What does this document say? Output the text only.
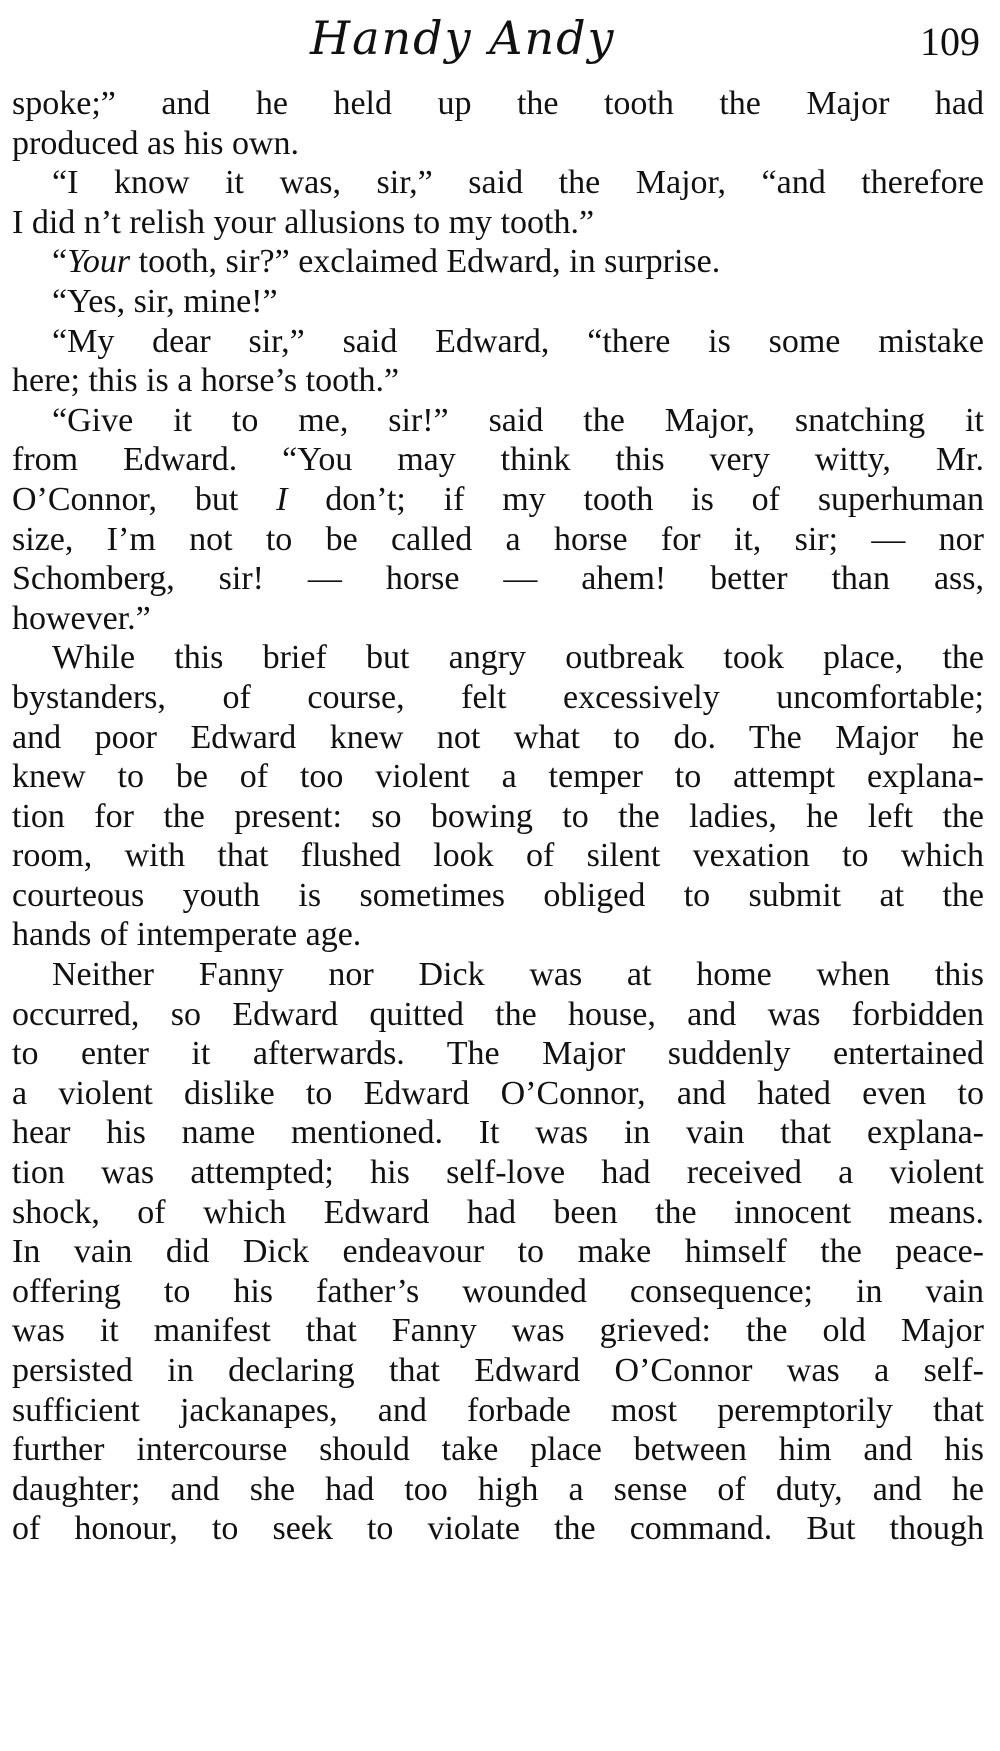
Handy Andy	109
spoke;” and he held up the tooth the Major had
produced as his own.
“I know it was, sir,” said the Major, “and therefore
I did n’t relish your allusions to my tooth.”
“Your tooth, sir?” exclaimed Edward, in surprise.
“Yes, sir, mine!”
“My dear sir,” said Edward, “there is some mistake
here; this is a horse’s tooth.”
“Give it to me, sir!” said the Major, snatching it
from Edward. “You may think this very witty, Mr.
O’Connor, but I don’t; if my tooth is of superhuman
size, I’m not to be called a horse for it, sir; — nor
Schomberg, sir! — horse — ahem! better than ass,
however.”
While this brief but angry outbreak took place, the
bystanders, of course, felt excessively uncomfortable;
and poor Edward knew not what to do. The Major he
knew to be of too violent a temper to attempt explana-
tion for the present: so bowing to the ladies, he left the
room, with that flushed look of silent vexation to which
courteous youth is sometimes obliged to submit at the
hands of intemperate age.
Neither Fanny nor Dick was at home when this
occurred, so Edward quitted the house, and was forbidden
to enter it afterwards. The Major suddenly entertained
a violent dislike to Edward O’Connor, and hated even to
hear his name mentioned. It was in vain that explana-
tion was attempted; his self-love had received a violent
shock, of which Edward had been the innocent means.
In vain did Dick endeavour to make himself the peace-
offering to his father’s wounded consequence; in vain
was it manifest that Fanny was grieved: the old Major
persisted in declaring that Edward O’Connor was a self-
sufficient jackanapes, and forbade most peremptorily that
further intercourse should take place between him and his
daughter; and she had too high a sense of duty, and he
of honour, to seek to violate the command. But though
